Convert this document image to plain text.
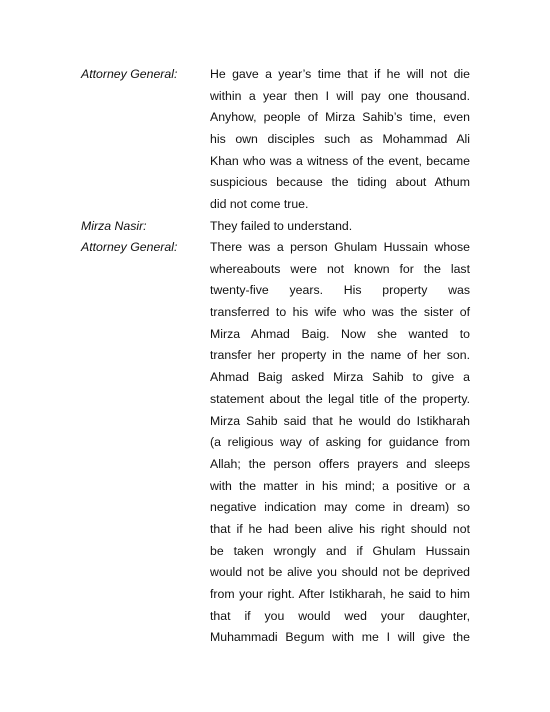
Attorney General:	He gave a year’s time that if he will not die
within a year then I will pay one thousand.
Anyhow, people of Mirza Sahib’s time, even
his own disciples such as Mohammad Ali
Khan who was a witness of the event, became
suspicious because the tiding about Athum
did not come true.
Mirza Nasir:	They failed to understand.
Attorney General:	There was a person Ghulam Hussain whose
whereabouts were not known for the last
twenty-five years. His property was
transferred to his wife who was the sister of
Mirza Ahmad Baig. Now she wanted to
transfer her property in the name of her son.
Ahmad Baig asked Mirza Sahib to give a
statement about the legal title of the property.
Mirza Sahib said that he would do Istikharah
(a religious way of asking for guidance from
Allah; the person offers prayers and sleeps
with the matter in his mind; a positive or a
negative indication may come in dream) so
that if he had been alive his right should not
be taken wrongly and if Ghulam Hussain
would not be alive you should not be deprived
from your right. After Istikharah, he said to him
that if you would wed your daughter,
Muhammadi Begum with me I will give the
